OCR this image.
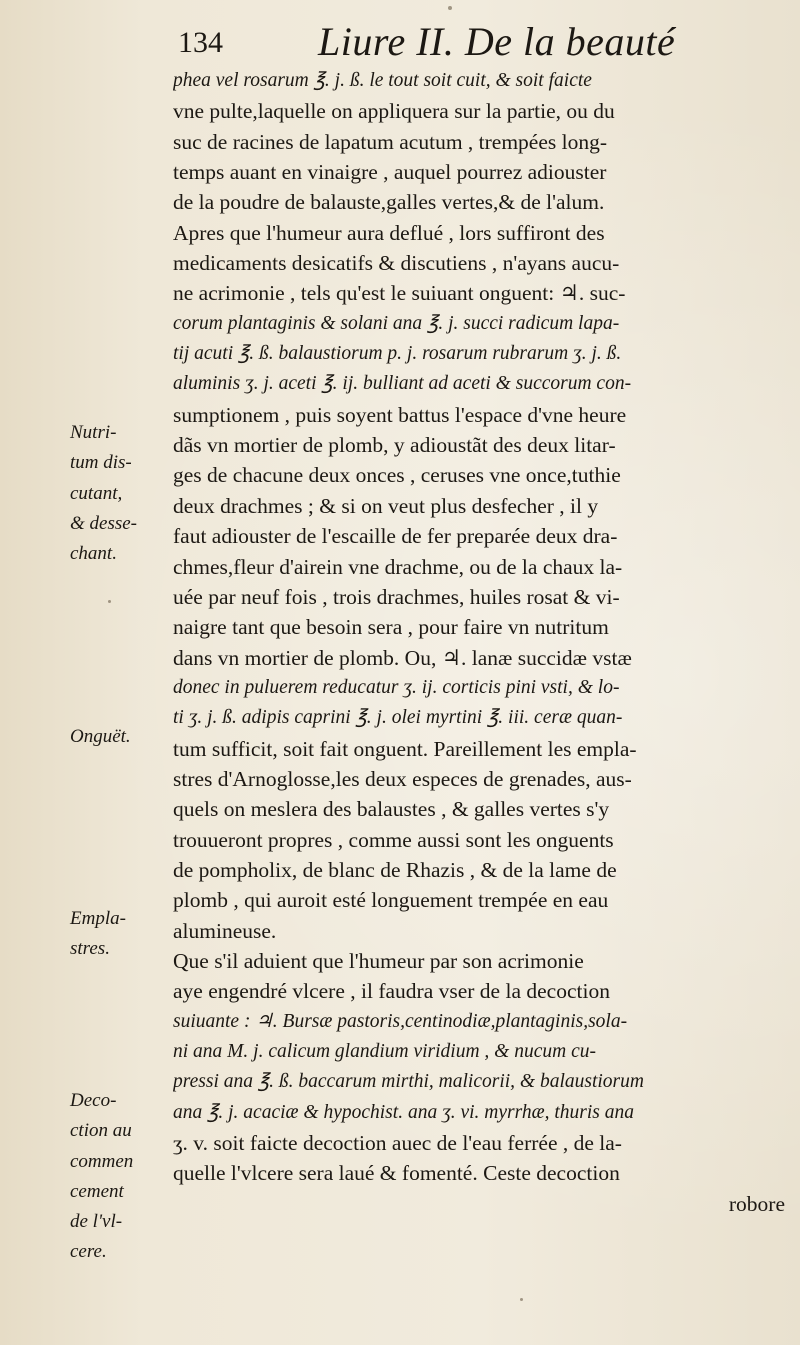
134 Liure II. De la beauté
phea vel rosarum ℥. j. ß. le tout soit cuit, & soit faicte
vne pulte,laquelle on appliquera sur la partie, ou du
suc de racines de lapatum acutum , trempées long-
temps auant en vinaigre , auquel pourrez adiouster
de la poudre de balauste,galles vertes,& de l'alum.
Apres que l'humeur aura deflué , lors suffiront des
medicaments desicatifs & discutiens , n'ayans aucu-
ne acrimonie , tels qu'est le suiuant onguent: ♃. suc-
corum plantaginis & solani ana ℥. j. succi radicum lapa-
tij acuti ℥. ß. balaustiorum p. j. rosarum rubrarum ʒ. j. ß.
aluminis ʒ. j. aceti ℥. ij. bulliant ad aceti & succorum con-
sumptionem , puis soyent battus l'espace d'vne heure
dãs vn mortier de plomb, y adioustãt des deux litar-
ges de chacune deux onces , ceruses vne once,tuthie
deux drachmes ; & si on veut plus desfecher , il y
faut adiouster de l'escaille de fer preparée deux dra-
chmes,fleur d'airein vne drachme, ou de la chaux la-
uée par neuf fois , trois drachmes, huiles rosat & vi-
naigre tant que besoin sera , pour faire vn nutritum
dans vn mortier de plomb. Ou, ♃. lanæ succidæ vstæ
donec in puluerem reducatur ʒ. ij. corticis pini vsti, & lo-
ti ʒ. j. ß. adipis caprini ℥. j. olei myrtini ℥. iii. ceræ quan-
tum sufficit, soit fait onguent. Pareillement les empla-
stres d'Arnoglosse,les deux especes de grenades, aus-
quels on meslera des balaustes , & galles vertes s'y
trouueront propres , comme aussi sont les onguents
de pompholix, de blanc de Rhazis , & de la lame de
plomb , qui auroit esté longuement trempée en eau
alumineuse.
Que s'il aduient que l'humeur par son acrimonie
aye engendré vlcere , il faudra vser de la decoction
suiuante : ♃. Bursæ pastoris,centinodiæ,plantaginis,sola-
ni ana M. j. calicum glandium viridium , & nucum cu-
pressi ana ℥. ß. baccarum mirthi, malicorii, & balaustiorum
ana ℥. j. acaciæ & hypochist. ana ʒ. vi. myrrhæ, thuris ana
ʒ. v. soit faicte decoction auec de l'eau ferrée , de la-
quelle l'vlcere sera laué & fomenté. Ceste decoction
robore
Nutri-
tum dis-
cutant,
& desse-
chant.
Onguët.
Empla-
stres.
Deco-
ction au
commen
cement
de l'vl-
cere.
